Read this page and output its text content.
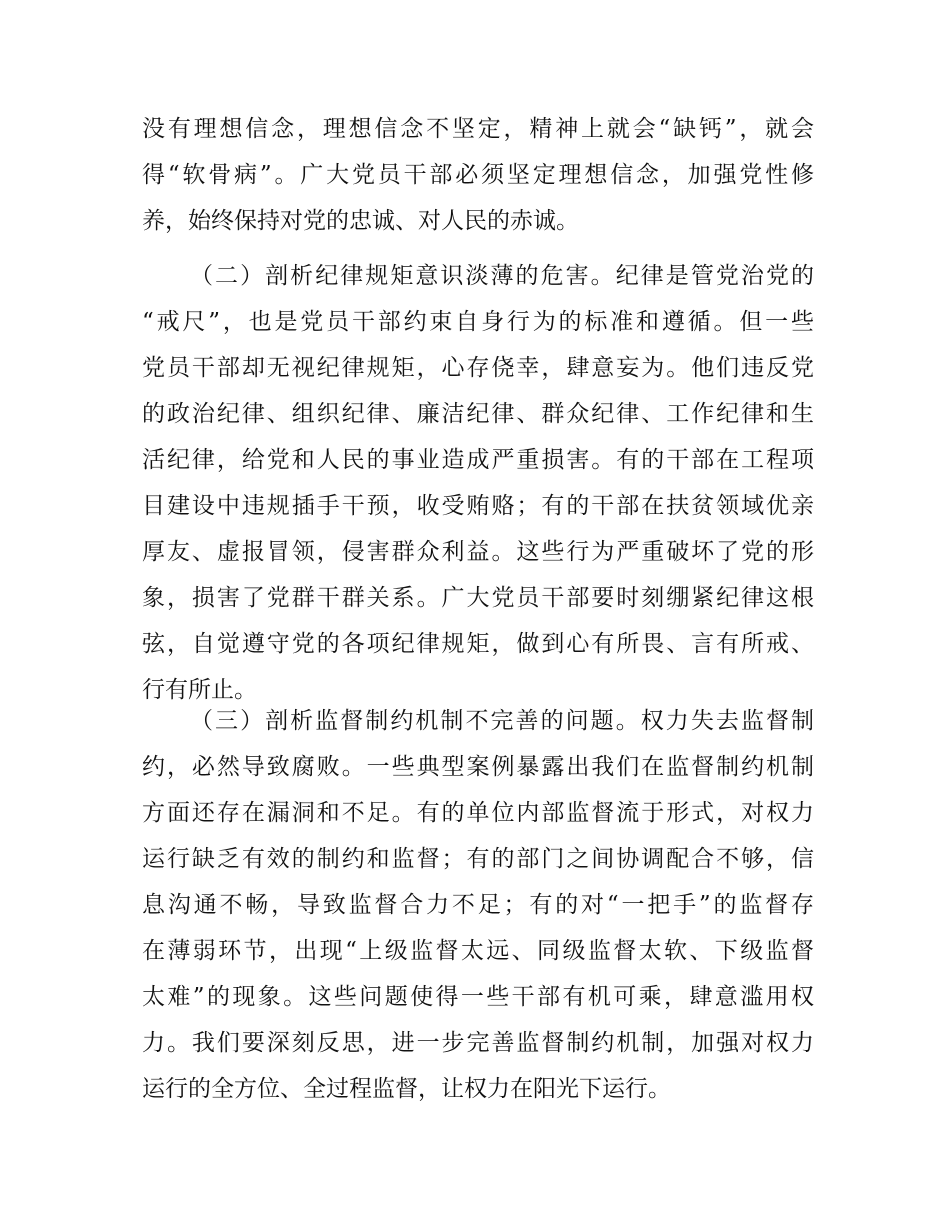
没有理想信念，理想信念不坚定，精神上就会“缺钙”，就会
得“软骨病”。广大党员干部必须坚定理想信念，加强党性修
养，始终保持对党的忠诚、对人民的赤诚。
（二）剖析纪律规矩意识淡薄的危害。纪律是管党治党的
“戒尺”，也是党员干部约束自身行为的标准和遵循。但一些
党员干部却无视纪律规矩，心存侥幸，肆意妄为。他们违反党
的政治纪律、组织纪律、廉洁纪律、群众纪律、工作纪律和生
活纪律，给党和人民的事业造成严重损害。有的干部在工程项
目建设中违规插手干预，收受贿赂；有的干部在扶贫领域优亲
厚友、虚报冒领，侵害群众利益。这些行为严重破坏了党的形
象，损害了党群干群关系。广大党员干部要时刻绷紧纪律这根
弦，自觉遵守党的各项纪律规矩，做到心有所畏、言有所戒、
行有所止。
（三）剖析监督制约机制不完善的问题。权力失去监督制
约，必然导致腐败。一些典型案例暴露出我们在监督制约机制
方面还存在漏洞和不足。有的单位内部监督流于形式，对权力
运行缺乏有效的制约和监督；有的部门之间协调配合不够，信
息沟通不畅，导致监督合力不足；有的对“一把手”的监督存
在薄弱环节，出现“上级监督太远、同级监督太软、下级监督
太难”的现象。这些问题使得一些干部有机可乘，肆意滥用权
力。我们要深刻反思，进一步完善监督制约机制，加强对权力
运行的全方位、全过程监督，让权力在阳光下运行。
